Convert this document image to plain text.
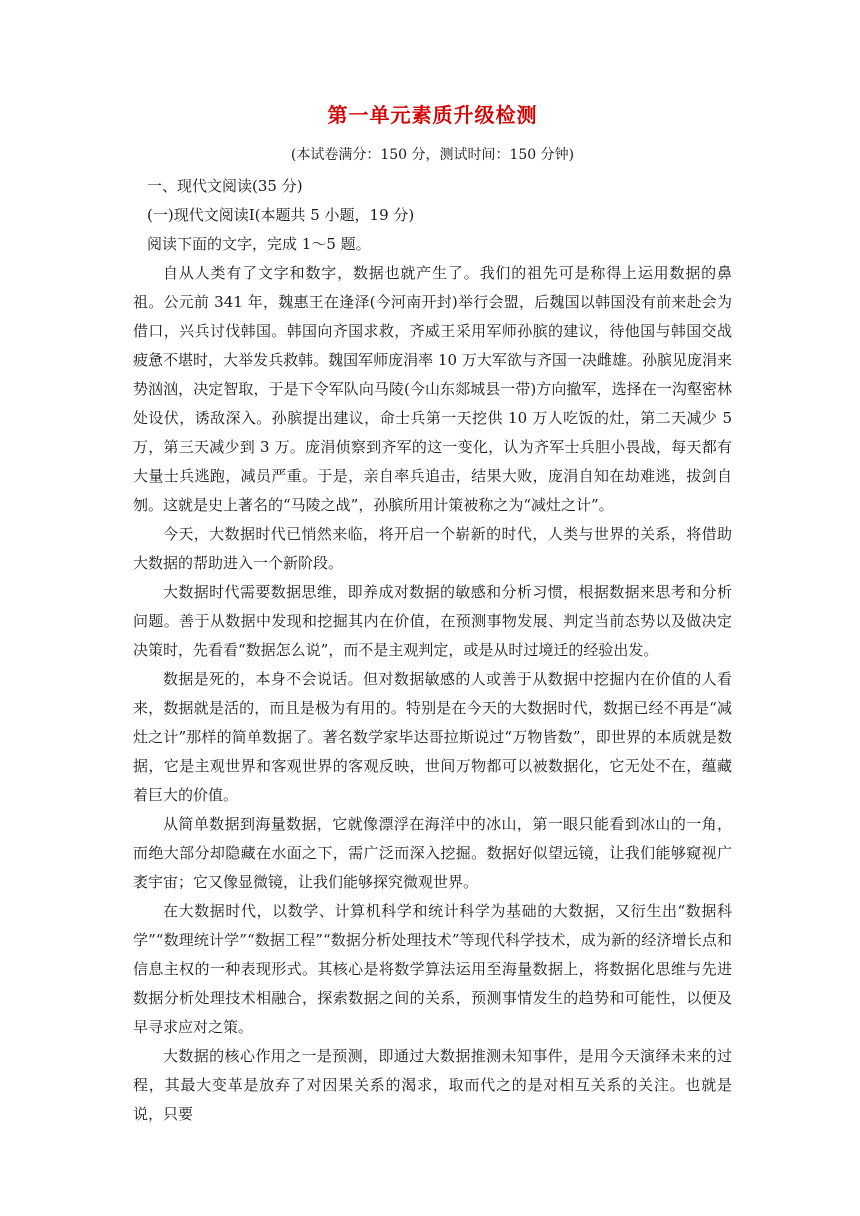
第一单元素质升级检测
(本试卷满分：150 分，测试时间：150 分钟)
一、现代文阅读(35 分)
(一)现代文阅读Ⅰ(本题共 5 小题，19 分)
阅读下面的文字，完成 1～5 题。

自从人类有了文字和数字，数据也就产生了。我们的祖先可是称得上运用数据的鼻祖。公元前 341 年，魏惠王在逢泽(今河南开封)举行会盟，后魏国以韩国没有前来赴会为借口，兴兵讨伐韩国。韩国向齐国求救，齐威王采用军师孙膑的建议，待他国与韩国交战疲惫不堪时，大举发兵救韩。魏国军师庞涓率 10 万大军欲与齐国一决雌雄。孙膑见庞涓来势汹汹，决定智取，于是下令军队向马陵(今山东郯城县一带)方向撤军，选择在一沟壑密林处设伏，诱敌深入。孙膑提出建议，命士兵第一天挖供 10 万人吃饭的灶，第二天减少 5 万，第三天减少到 3 万。庞涓侦察到齐军的这一变化，认为齐军士兵胆小畏战，每天都有大量士兵逃跑，减员严重。于是，亲自率兵追击，结果大败，庞涓自知在劫难逃，拔剑自刎。这就是史上著名的“马陵之战”，孙膑所用计策被称之为“减灶之计”。

今天，大数据时代已悄然来临，将开启一个崭新的时代，人类与世界的关系，将借助大数据的帮助进入一个新阶段。

大数据时代需要数据思维，即养成对数据的敏感和分析习惯，根据数据来思考和分析问题。善于从数据中发现和挖掘其内在价值，在预测事物发展、判定当前态势以及做决定决策时，先看看“数据怎么说”，而不是主观判定，或是从时过境迁的经验出发。

数据是死的，本身不会说话。但对数据敏感的人或善于从数据中挖掘内在价值的人看来，数据就是活的，而且是极为有用的。特别是在今天的大数据时代，数据已经不再是“减灶之计”那样的简单数据了。著名数学家毕达哥拉斯说过“万物皆数”，即世界的本质就是数据，它是主观世界和客观世界的客观反映，世间万物都可以被数据化，它无处不在，蕴藏着巨大的价值。

从简单数据到海量数据，它就像漂浮在海洋中的冰山，第一眼只能看到冰山的一角，而绝大部分却隐藏在水面之下，需广泛而深入挖掘。数据好似望远镜，让我们能够窥视广袤宇宙；它又像显微镜，让我们能够探究微观世界。

在大数据时代，以数学、计算机科学和统计科学为基础的大数据，又衍生出“数据科学”“数理统计学”“数据工程”“数据分析处理技术”等现代科学技术，成为新的经济增长点和信息主权的一种表现形式。其核心是将数学算法运用至海量数据上，将数据化思维与先进数据分析处理技术相融合，探索数据之间的关系，预测事情发生的趋势和可能性，以便及早寻求应对之策。

大数据的核心作用之一是预测，即通过大数据推测未知事件，是用今天演绎未来的过程，其最大变革是放弃了对因果关系的渴求，取而代之的是对相互关系的关注。也就是说，只要
